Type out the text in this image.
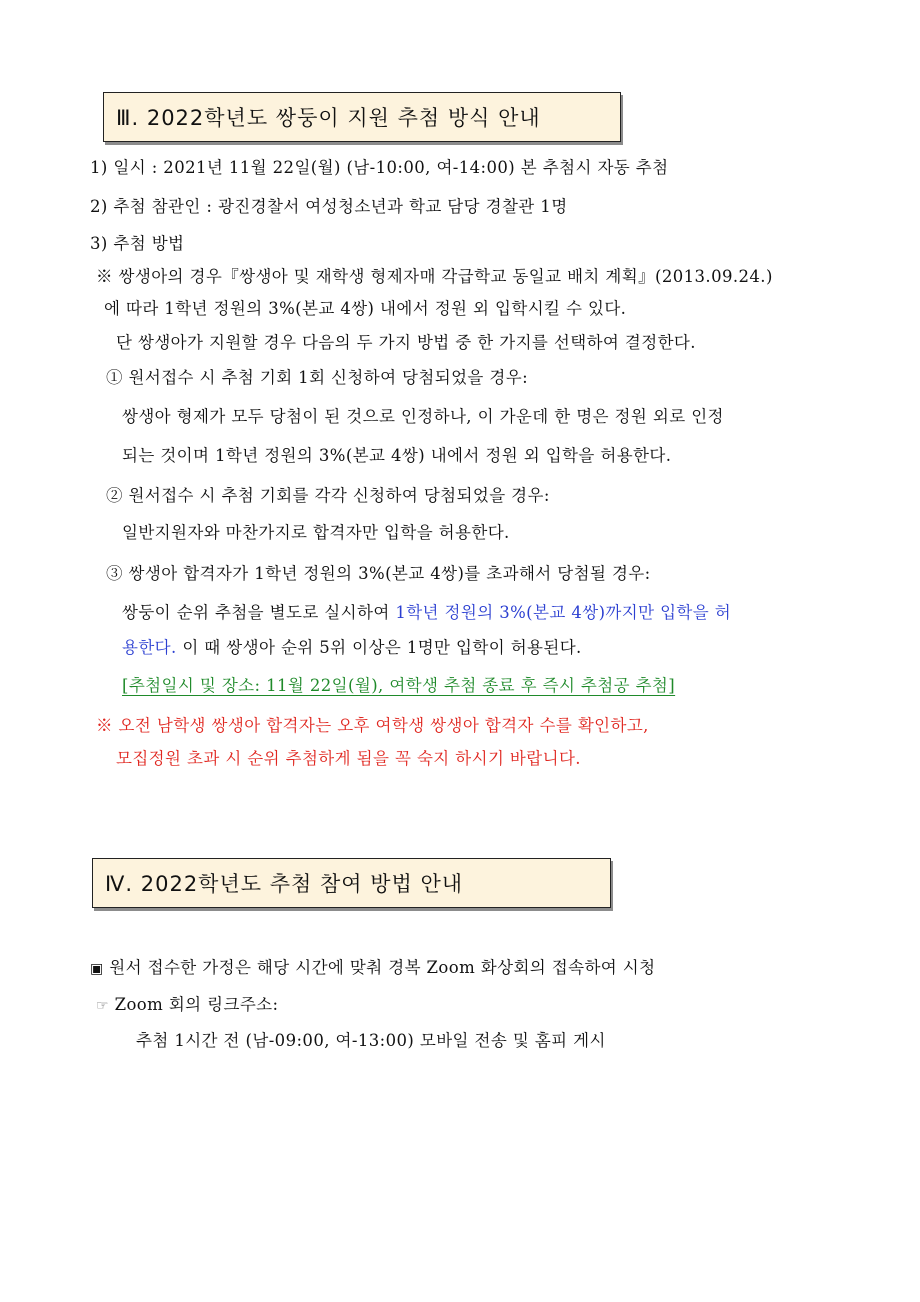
Ⅲ. 2022학년도 쌍둥이 지원 추첨 방식 안내
1) 일시 : 2021년 11월 22일(월) (남-10:00, 여-14:00) 본 추첨시 자동 추첨
2) 추첨 참관인 : 광진경찰서 여성청소년과 학교 담당 경찰관 1명
3) 추첨 방법
※ 쌍생아의 경우『쌍생아 및 재학생 형제자매 각급학교 동일교 배치 계획』(2013.09.24.)
에 따라 1학년 정원의 3%(본교 4쌍) 내에서 정원 외 입학시킬 수 있다.
단 쌍생아가 지원할 경우 다음의 두 가지 방법 중 한 가지를 선택하여 결정한다.
① 원서접수 시 추첨 기회 1회 신청하여 당첨되었을 경우:
쌍생아 형제가 모두 당첨이 된 것으로 인정하나, 이 가운데 한 명은 정원 외로 인정
되는 것이며 1학년 정원의 3%(본교 4쌍) 내에서 정원 외 입학을 허용한다.
② 원서접수 시 추첨 기회를 각각 신청하여 당첨되었을 경우:
일반지원자와 마찬가지로 합격자만 입학을 허용한다.
③ 쌍생아 합격자가 1학년 정원의 3%(본교 4쌍)를 초과해서 당첨될 경우:
쌍둥이 순위 추첨을 별도로 실시하여 1학년 정원의 3%(본교 4쌍)까지만 입학을 허
용한다. 이 때 쌍생아 순위 5위 이상은 1명만 입학이 허용된다.
[추첨일시 및 장소: 11월 22일(월), 여학생 추첨 종료 후 즉시 추첨공 추첨]
※ 오전 남학생 쌍생아 합격자는 오후 여학생 쌍생아 합격자 수를 확인하고,
모집정원 초과 시 순위 추첨하게 됨을 꼭 숙지 하시기 바랍니다.
Ⅳ. 2022학년도 추첨 참여 방법 안내
▣ 원서 접수한 가정은 해당 시간에 맞춰 경복 Zoom 화상회의 접속하여 시청
☞ Zoom 회의 링크주소:
추첨 1시간 전 (남-09:00, 여-13:00) 모바일 전송 및 홈피 게시
